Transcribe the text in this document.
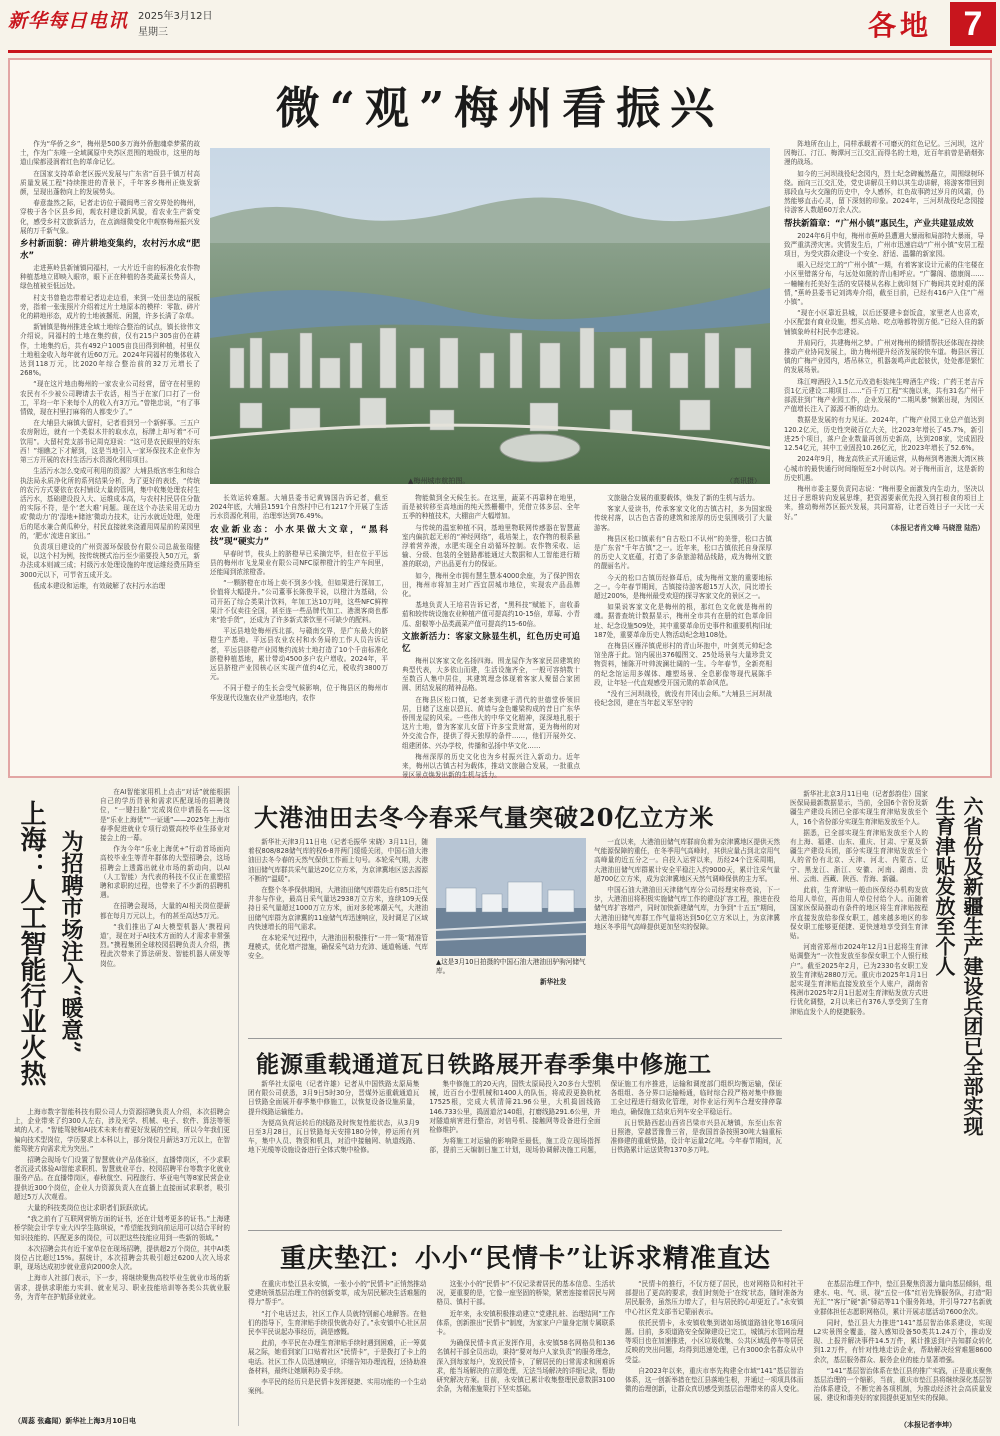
新华每日电讯 2025年3月12日
星期三	各地 7
微“观”梅州看振兴

作为“华侨之乡”，梅州是500多万海外侨胞魂牵梦萦的故土，作为广东唯一全域属原中央苏区范围的地级市，这里的每道山梁都浸润着红色的革命记忆。

在国家支持革命老区振兴发展与广东省“百县千镇万村高质量发展工程”持续推进的背景下，千年客乡梅州正焕发新颜，呈现出蓬勃向上的发展势头。

春意盎然之际，记者走访位于赣闽粤三省交界处的梅州，穿梭于各个区县乡间，观农村建设新风貌，看农业生产新变化，感受乡村文旅新活力，在点滴细微变化中观察梅州振兴发展的万千新气象。

乡村新面貌：碎片耕地变集约，农村污水成“肥水”

走进蕉岭县新铺镇同福村，一大片近千亩的标准化农作物种植基地立即映入眼帘，眼下正在种植的各类蔬菜长势喜人，绿色植被至低远处。

村支书曾艳忠带着记者边走边看，来到一处田垄边的展板旁，指着一张张照片介绍着过片土地原本的模样：零散、碎片化的耕地形态，成片的土地被撂荒、闲置，许多长满了杂草。

新铺镇是梅州推进全域土地综合整治的试点，镇长徐伟文介绍说，同福村的土地在集约前，仅有215户305亩仍在耕作，土地集约后，共有492户1005亩良田得到种植，村里仅土地租金收入每年就有近60万元。2024年同福村的集体收入达到118万元，比2020年综合整治前的32万元增长了268%。

“现在这片地由梅州的一家农业公司经营，留守在村里的农民有不少被公司聘请去干农活，相当于在家门口打了一份工，平均一年下来每个人的收入有3万元。”曾艳忠说，“有了事情做，现在村里打麻将的人都变少了。”

在大埔县大麻镇大留村，记者看到另一个新鲜事。三五户农房附近，就有一个类似木井的取水点，标牌上却写着“不可饮用”。大留村党支部书记周克迎说：“这可是农民眼里的好东西！”细瞧之下才解到，这是当地引入一家环保技术企业作为第三方开展的农村生活污水资源化利用项目。

生活污水怎么变成可利用的资源？大埔县纸宫率生和综合执法局永质净化所的系列结果分析，为了更好的表述，“传统的农污方式要依在农村铺设大量的管网，集中收集处理农村生活污水，基础建设投入大、运维成本高，与农村村民居住分散的实际不符，是个‘老大难’问题。现在这个办法采用无动力或‘微动力’的‘湿地+储池’微动力技术，让污水就近处理，处理后的尾水兼合黄瓜种分，村民直接就来浇灌用周屋前的菜园里的，‘肥水’流进自家田。”

负责项目建设的广州资源环保股份有限公司总裁张瑞健说，以这个村为例，按传统模式治污至少需要投入50万元，新办法成本则减三成；村级污水处理设施的年度运维经费压降至3000元以下，可节省五成开支。

低成本建设和运维，有效破解了农村污水治理

▲梅州城市航拍图。	（高讯摄）

长效运转难题。大埔县委书记黄锦国告诉记者，截至2024年底，大埔县1591个自然村中已有1217个开展了生活污水资源化利用，治理率达到76.49%。

农业新业态：小水果做大文章，“黑科技”现“硬实力”

早春时节，枝头上的脐橙早已采摘完毕，但在位于平远县的梅州市飞龙果业有限公司NFC原榨橙汁的生产车间里，还能闻到浓浓橙香。

“一颗脐橙在市场上卖不到多少钱，但如果进行深加工，价值将大幅提升。”公司董事长陈俊平说，以橙汁为基础，公司开拓了综合类果汁饮料，年加工达10万吨，这些NFC鲜榨果汁不仅卖往全国，甚至连一些品牌代加工、港澳客商也都来“抢手货”，还成为了许多新式茶饮里不可缺少的配料。

平远县地处梅州西北部，与赣南交界，是广东最大的脐橙生产基地。平远县农业农村和水务局的工作人员告诉记者，平远县脐橙产业园集约流转土地打造了10个千亩标准化脐橙种植基地，累计带动4500多户农户增收。2024年，平远县脐橙产业园核心区实现产值约4亿元，税收约3800万元。

不同于橙子的生长会受气候影响，位于梅县区的梅州市华发现代设施农业产业基地内，农作

物能做到全天候生长。在这里，蔬菜不再靠种在地里，而是被转移至高地面的纯天然栅棚中，凭借立体多层、全年五季的种植技术，大棚亩产大幅增加。

与传统的温室种植不同，基地里物联网传感器在智慧蔬室内偏抗起无形的“神经网络”，栽培架上，农作物的根系悬浮着营养液，水肥实现全自动循环控制。农作物采收、运输、分级、包装的全链路都能通过大数据和人工智能进行精准的联动，产出品更有力的保证。

如今，梅州全市拥有慧生慧本4000余座，为了保护图农田，梅州市将加主对广西宜居城市地位，实现农产品品牌化。

基地负责人王培君告诉记者，“黑科技”赋能下，亩收番茄和较传统设施农业种植产值可提高约10-15倍，草莓、小青瓜、甜椒等小品类蔬菜产值可提高约15-60倍。

文旅新活力：客家文脉显生机，红色历史可追忆

梅州以客家文化名扬四海。围龙屋作为客家民居建筑的典型代表，大多依山而建，生活设施齐全，一般可容纳数十至数百人集中居住，其建筑理念体现着客家人聚留合家团圆、团结发展的精神品格。

在梅县区松口镇，记者来到建于清代的世德堂侨领旧居，目睹了这座以碧瓦、黄墙与金色雕梁构成的昔日广东华侨围龙屋的风采。一些伟大的中华文化精神，深深地扎根于这片土地，曾为客家儿女留下许多宝贵财富，更为梅州的对外交流合作，提供了得天独厚的条件……，他们开展外交、组建团体、兴办学校，传播和弘扬中华文化……

梅州深厚的历史文化也为乡村振兴注入新动力。近年来，梅州以古镇古村为载体，推动文旅融合发展，一批重点景区景点焕发出新的生机与活力。

文旅融合发展的重要载体，焕发了新的生机与活力。

客家人爱读书，传承客家文化的古镇古村，多为国家级传统村落，以古色古香的建筑和浓厚的历史氛围吸引了大量游客。

梅县区松口镇素有“自古松口不认州”的美誉，松口古镇是广东省“千年古镇”之一。近年来，松口古镇依托自身深厚的历史人文底蕴，打造了多条旅游精品线路，成为梅州文旅的靓丽名片。

今天的松口古镇历经修葺后，成为梅州文旅的重要地标之一。今年春节期间，古镇接待游客超15万人次，同比增长超过200%，是梅州最受欢迎的探寻客家文化的景区之一。

如果说客家文化是梅州的根，那红色文化就是梅州的魂。据普查统计数据显示，梅州全市共有在册的红色革命旧址、纪念设施509处，其中重要革命历史事件和重要机构旧址187处，重要革命历史人物活动纪念地108处。

在梅县区雁洋镇虎形村的青山环抱中，叶剑英元帅纪念馆坐落于此。馆内展出376幅图文、25处场景与大量珍贵文物资料，铺陈开叶帅波澜壮阔的一生。今年春节，全新亮相的纪念馆运用多媒体、雕塑场景、全息影像等现代展陈手段，让年轻一代直观感受开国元勋的革命风范。

“没有三河坝战役，就没有井冈山会师。”大埔县三河坝战役纪念园，建在当年起义军坚守的

阵地所在山上，同样承载着不可磨灭的红色记忆。三河坝，这片因梅江、汀江、梅潭河三江交汇而得名的土地，近百年前曾是硝烟弥漫的战场。

如今的三河坝战役纪念园内，烈士纪念碑巍然矗立，周围绿树环绕。面向三江交汇处，党史讲解员王帅以其生动讲解，将游客带回到那段血与火交融的历史中，令人感怀，红色故事跨过岁月的风霜，仍然能够直击心灵，留下深刻的印象。2024年，三河坝战役纪念园接待游客人数超60万余人次。

帮扶新篇章：“广州小镇”惠民生，产业共建显成效

2024年6月中旬，梅州市蕉岭县遭遇大暴雨和局部特大暴雨，导致严重洪涝灾害。灾情发生后，广州市迅速启动“广州小镇”安居工程项目，为受灾群众建设一个安全、舒适、温馨的新家园。

眼入已经完工的“广州小镇”一期，有着客家设计元素的住宅楼在小区里错落分布，与远处如黛的青山相呼应。“广馨阁、德康阁……一幢幢有托美好生活的安居楼从名称上就印刻下广梅间共克时艰的深情，”蕉岭县委书记刘鸿寿介绍，截至目前，已经有416户入住“广州小镇”。

“现在小区靠近县城，以后还要建卡套饭盒，家里老人也喜欢，小区配套有商业设施，想买点啥、吃点啥都特别方便。”已经入住的新铺镇象岭村村民李忠建说。

并肩同行，共建梅州之梦。广州对梅州的倾情帮扶还体现在持续推动产业协同发展上，助力梅州提升经济发展的快车道。梅县区蓉江镇的广梅产业园内，塔吊林立，机器轰鸣声此起彼伏，处处都是繁忙的发展场景。

珠江啤酒投入1.5亿元改造柜装纯生啤酒生产线；广药王老吉斥资1亿元建设二期项目……“百千万工程”实施以来，共有31名广州干部派驻到广梅产业园工作，企业发展的“二期风暴”频繁出现，为园区产值增长注入了源源不断的动力。

数据是发展的有力见证。2024年，广梅产业园工业总产值达到120.2亿元，历史性突破百亿大关，比2023年增长了45.7%，新引进25个项目，落户企业数量再创历史新高，达到208家，完成固投12.54亿元，其中工业固投10.26亿元，比2023年增长了52.6%。

2024年9月，梅龙高铁正式开通运营，从梅州到粤港澳大湾区核心城市的最快通行时间缩短至2小时以内。对于梅州而言，这是新的历史机遇。

梅州市委主要负责同志说：“梅州要全面激发内生动力，坚决以过日子思维转向发展思维，把资源要素优先投入到打根食的项目上来，推动梅州苏区振兴发展，共同富裕，让老百姓日子一天比一天好。”

（本报记者肖文峰 马晓澄 陆浩）

上海：人工智能行业火热 为招聘市场注入“暖意”

在AI智能家用机上点击“对话”就能根据自己的学历背景和需求匹配现场的招聘岗位，“一键扫脸”完成岗位申请报名——这是“乐业上海优”“一证通”——2025年上海市春季促进就业专项行动暨高校毕业生择业对接会上的一幕。

作为今年“乐业上海优+”行动首场面向高校毕业生等青年群体的大型招聘会，这场招聘会上透露出就业市场的新动向，以AI（人工智能）为代表的科技不仅正在重塑招聘和求职的过程，也带来了不少新的招聘机遇。

在招聘会现场，大量的AI相关岗位提薪都在每月万元以上，有的甚至高达5万元。

“我们推出了AI大模型机器人‘携程问道’，现在对于AI技术方面的人才需求非常强烈。”携程集团全球校园招聘负责人介绍，携程此次带来了算法研发、智能机器人研发等岗位。

上海市数字智能科技有限公司人力资源招聘负责人介绍，本次招聘会上，企业带来了约300人左右，涉及光学、机械、电子、软件、算法等领域的人才。“智能驾驶和AI技术未来有着更好发展的空间，所以今年我们更偏向技术型岗位，学历要求上本科以上，部分岗位月薪达3万元以上，在智能驾驶方向需求尤为突出。”

招聘会现场专门设置了智慧就业产品体验区，直播带岗区，不少求职者沉浸式体验AI智能求职机、智慧就业平台、校园招聘平台等数字化就业服务产品。在直播带岗区，春秋航空、同程旅行、华亚电气等8家民营企业提供近300个岗位，企业人力资源负责人在直播上直接面试求职者，吸引超过5万人次观看。

大量的科技类岗位也让求职者们跃跃欲试。

“我之前有了互联网营销方面的证书，还在计划考更多的证书。”上海建桥学院会计学专业大四学生陈琪说，“希望能找到向前运用可以结合平时的知识技能的、匹配更多的岗位，可以把这些技能应用到一些新的领域。”

本次招聘会共有近千家单位在现场招聘，提供超2万个岗位，其中AI类岗位占比超过15%。据统计，本次招聘会共吸引超过6200人次入场求职，现场达成初步就业意向2000余人次。

上海市人社部门表示，下一步，将继续聚焦高校毕业生就业市场的新需求，提供求职能力实训、就业见习、职业技能培训等各类公共就业服务，为青年在护航择业就业。

（周蕊 张鑫闻）新华社上海3月10日电
大港油田去冬今春采气量突破20亿立方米

新华社天津3月11日电（记者毛振华 宋晓）3月11日，随着权808/828储气库的权6-8井两门缓缓关闭，中国石油大港油田去冬今春的天然气保供工作画上句号。本轮采气期，大港油田储气库群共采气量达20亿立方米，为京津冀地区送去源源不断的“温暖”。

在整个冬季保供期间，大港油田储气库群先后有85口注气井参与作业，最高日采气量达2938万立方米，连续109天保持日采气量超过1000万立方米，面对多轮寒潮天气，大港油田储气库群为京津冀的11座储气库迅速响应，及时调足了区域内快速增长的用气需求。

在本轮采气过程中，大港油田积极推行“一井一策”精准管理模式，优化增产措施，确保采气动力充沛、通道畅通、气库安全。

▲这是3月10日拍摄的中国石油大港油田驴驹河储气库。
新华社发

一直以来，大港油田储气库群肩负着为京津冀地区提供天然气能源保障的重任，在冬季用气高峰时，其供应量占到北京用气高峰量的近五分之一。自投入运营以来，历经24个注采周期，大港油田储气库群累计安全平稳注入约9000天，累计注采气量超700亿立方米，成为京津冀地区天然气调峰保供的主力军。

中国石油大港油田天津储气库分公司经理宋梓亮说，下一步，大港油田将积极实施储气库工作的建设扩容工程，推进在役储气库扩容增产，同时加快新建储气库，力争到“十五五”期间，大港油田储气库群工作气量将达到50亿立方米以上，为京津冀地区冬季用气高峰提供更加坚实的保障。

能源重载通道瓦日铁路展开春季集中修施工

新华社太原电（记者许雄）记者从中国铁路太原局集团有限公司获悉，3月9日5时30分，晋煤外运重载通道瓦日铁路全面展开春季集中修施工，以恢复设备设施质量，提升线路运输能力。

为便高负荷运转后的线路及时恢复性能状态，从3月9日至3月28日，瓦日铁路每天安排180分钟，停运所有列车，集中人员、物资和机具，对沿中接触网、轨道线路、地下光缆等设施设备进行全体式集中检修。

集中修施工的20天内，国铁太原局投入20多台大型机械，近百台小型机械和1400人的队伍，将成段更换轨枕17525根，完成大机清筛21.96公里，大机捣固线路146.733公里，捣固道岔140组，打磨线路291.6公里，并对隧道病害进行整治，对信号机、接触网等设备进行全面检修维护。

为将施工对运输的影响降至最低，施工设立现场指挥部，提前三天编制日施工计划，现场协调解决施工问题，保证施工有序推进，运输和调度部门组织均衡运输，保证各组组、各分界口运输畅通，临时综合段严格对集中修施工全过程进行细致化管理，对作业运行列车合理安排停靠地点，确保施工结束后列车安全平稳运行。

瓦日铁路西起山西省吕梁市兴县瓦塘镇，东至山东省日照港，穿越晋豫鲁三省，是我国首条按照30吨大轴重标准修建的重载铁路，设计年运量2亿吨。今年春节期间，瓦日铁路累计运送货物1370多万吨。

新华社北京3月11日电（记者彭韵佳）国家医保局最新数据显示，当前，全国6个省份及新疆生产建设兵团已全部实现生育津贴发放至个人，16个省份部分实现生育津贴发放至个人。

据悉，已全部实现生育津贴发放至个人的有上海、福建、山东、重庆、甘肃、宁夏及新疆生产建设兵团，部分实现生育津贴发放至个人的省份有北京、天津、河北、内蒙古、辽宁、黑龙江、浙江、安徽、河南、湖南、贵州、云南、西藏、陕西、青海、新疆。

此前，生育津贴一般由医保经办机构发放给用人单位，再由用人单位付给个人。而随着国家医保局推动有条件的地区将生育津贴按程序直接发放给参保女职工，越来越多地区的参保女职工能够更便捷、更快速地享受到生育津贴。

河南省郑州市2024年12月1日起将生育津贴调整为“一次性发放至参保女职工个人银行账户”。截至2025年2月，已为2330名女职工发放生育津贴2880万元。重庆市2025年1月1日起实现生育津贴直接发放至个人账户，湖南省株洲市2025年2月1日起对生育津贴发放方式进行优化调整，2月以来已有376人享受到了生育津贴直发个人的便捷服务。	六省份及新疆生产建设兵团已全部实现生育津贴发放至个人
重庆垫江：小小“民情卡”让诉求精准直达

在重庆市垫江县永安镇，一张小小的“民情卡”正悄然推动党建统领基层治理工作的创新变革，成为居民解决生活难题的得力“帮手”。

“打个电话过去，社区工作人员就特别耐心地解答。在他们的指导下，生育津贴手续很快就办好了。”永安镇中心社区居民李平民说起办事经历，满是感慨。

此前，李平民在办理生育津贴手续时遇到困难，正一筹莫展之际，她看到家门口贴着社区“民情卡”，于是拨打了卡上的电话。社区工作人员迅速响应，详细告知办理流程，还协助准备材料，最终让她顺利办妥手续。

李平民的经历只是民情卡发挥便捷、实用功能的一个生动案例。

这张小小的“民情卡”不仅记录着居民的基本信息、生活状况，更重要的是，它像一座坚固的桥梁，紧密连接着居民与网格员、镇村干部。

近年来，永安镇积极推动建立“党建扎桩、治理结网”工作体系，创新推出“民情卡”制度，为家家户户量身定制专属联系卡。

为确保民情卡真正发挥作用，永安镇58名网格员和136名镇村干部全员出动，秉持“要对每户人家负责”的服务理念，深入到每家每户，发放民情卡，了解居民的日常需求和困难诉求，能当场解决的立即处理，无法当场解决的详细记录，帮助研究解决方案。目前，永安镇已累计收集整理民意数据3100余条，为精准施策打下坚实基础。

“民情卡的推行，不仅方便了居民，也对网格员和村社干部提出了更高的要求，我们时刻处于‘在线’状态，随时准备为居民服务，虽然压力增大了，但与居民的心却更近了。”永安镇中心社区党支部书记蒙丽表示。

依托民情卡，永安镇收集到诸如场镇道路油化等16项问题。目前，多项道路安全保障建设已完工，城镇污水管网治理等项目也在加速推进，小区垃圾收集、公共区域乱停车等居民反映的突出问题，均得到迅速处理，已有3000余名群众从中受益。

自2023年以来，重庆市率先构建全市域“141”基层智治体系，这一创新举措在垫江县落地生根，并通过一项项具体而微的治理创新，让群众真切感受到基层治理带来的喜人变化。

在基层治理工作中，垫江县聚焦资源力量向基层倾斜，组建水、电、气、讯、视“五位一体”红岩先锋服务队，打造“阳光汇”“客厅”硬“新”驿站等11个服务阵地，并引导727名新就业群体担任志愿职网格员，累计开展志愿活动7600余次。

同时，垫江县大力推进“141”基层智治体系建设，实现L2实景图全覆盖，接入感知设备50类共1.24万个，推动发现、上报并解决事件14.5万件，累计推送到户告知群众转化到1.2万件，有针对性地走访企业，帮助解决经营难题8600余次，基层服务群众、服务企业的能力显著增强。

“141”基层智治体系在垫江县的推广实践，正是重庆聚焦基层治理的一个缩影，当前，重庆市垫江县将继续深化基层智治体系建设，不断完善各项机制，为推动经济社会高质量发展、建设和谐美好的家园提供更加坚实的保障。

（本报记者李坤）
